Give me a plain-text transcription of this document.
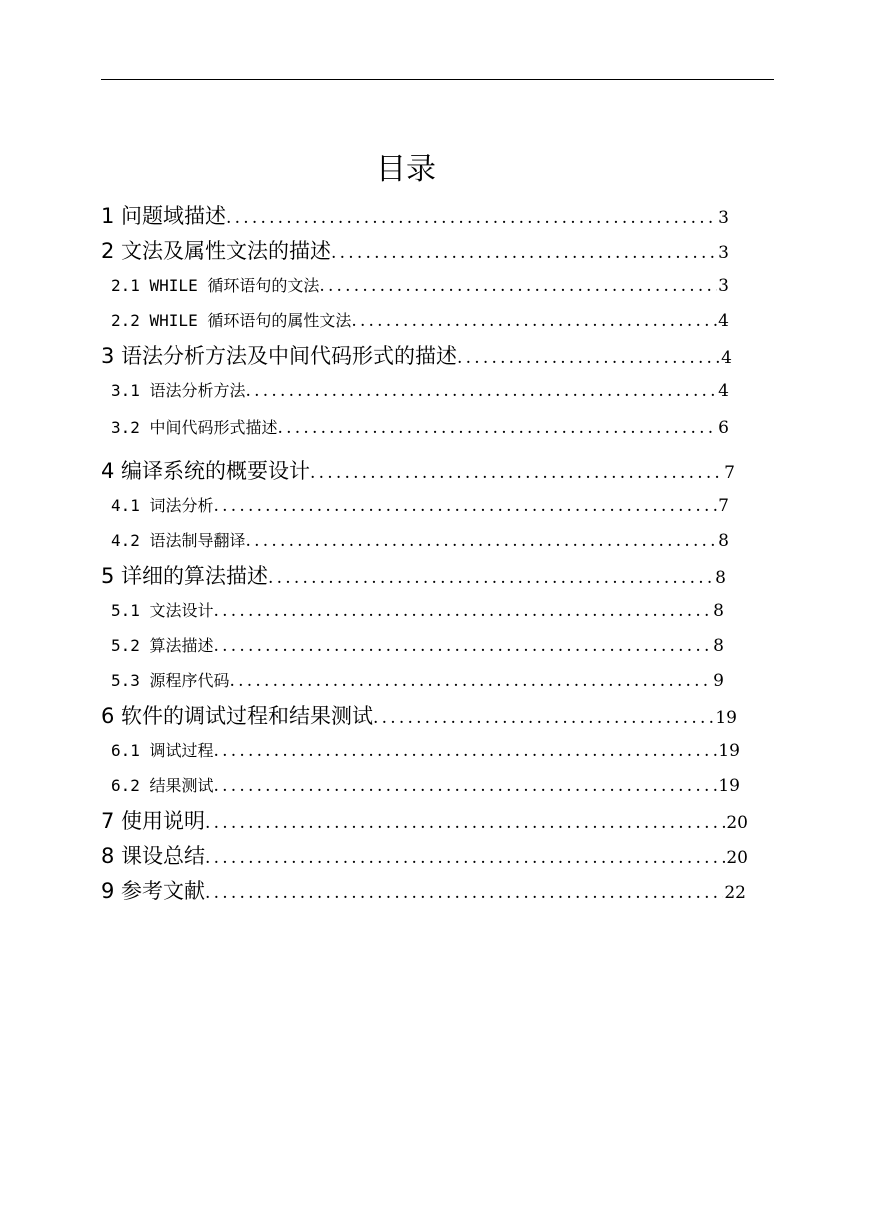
目录
1 问题域描述 .....	3
2 文法及属性文法的描述 .....	3
2.1 WHILE 循环语句的文法 .....	3
2.2 WHILE 循环语句的属性文法 .....	4
3 语法分析方法及中间代码形式的描述 .....	4
3.1 语法分析方法 .....	4
3.2 中间代码形式描述 .....	6
4 编译系统的概要设计 .....	7
4.1 词法分析 .....	7
4.2 语法制导翻译 .....	8
5 详细的算法描述 .....	8
5.1 文法设计 .....	8
5.2 算法描述 .....	8
5.3 源程序代码 .....	9
6 软件的调试过程和结果测试 .....	19
6.1 调试过程 .....	19
6.2 结果测试 .....	19
7 使用说明 .....	20
8 课设总结 .....	20
9 参考文献 .....	22
